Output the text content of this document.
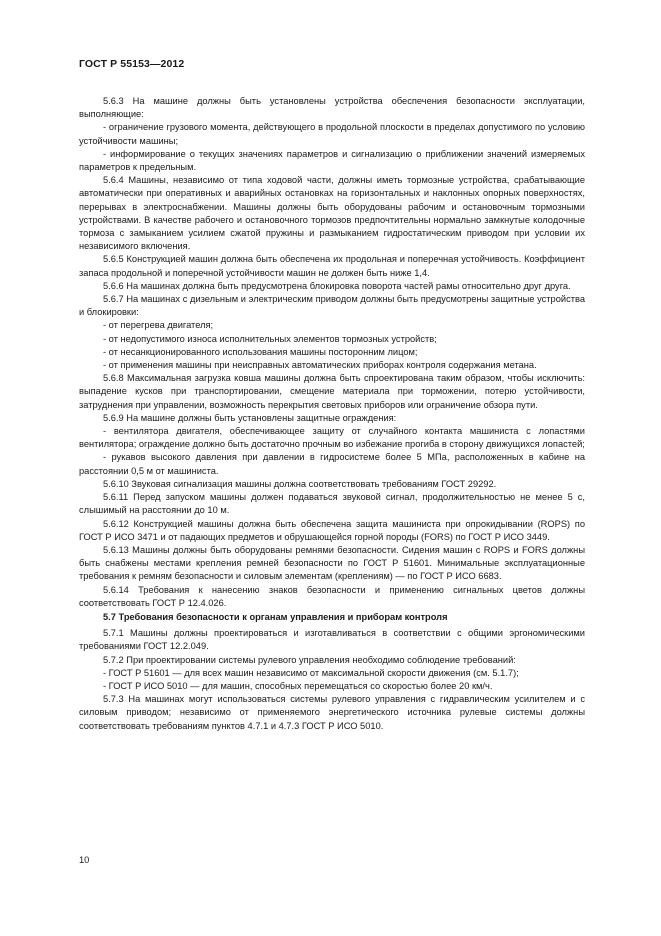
ГОСТ Р 55153—2012

5.6.3 На машине должны быть установлены устройства обеспечения безопасности эксплуатации, выполняющие:

- ограничение грузового момента, действующего в продольной плоскости в пределах допустимого по условию устойчивости машины;

- информирование о текущих значениях параметров и сигнализацию о приближении значений измеряемых параметров к предельным.

5.6.4 Машины, независимо от типа ходовой части, должны иметь тормозные устройства, срабатывающие автоматически при оперативных и аварийных остановках на горизонтальных и наклонных опорных поверхностях, перерывах в электроснабжении. Машины должны быть оборудованы рабочим и остановочным тормозными устройствами. В качестве рабочего и остановочного тормозов предпочтительны нормально замкнутые колодочные тормоза с замыканием усилием сжатой пружины и размыканием гидростатическим приводом при условии их независимого включения.

5.6.5 Конструкцией машин должна быть обеспечена их продольная и поперечная устойчивость. Коэффициент запаса продольной и поперечной устойчивости машин не должен быть ниже 1,4.

5.6.6 На машинах должна быть предусмотрена блокировка поворота частей рамы относительно друг друга.

5.6.7 На машинах с дизельным и электрическим приводом должны быть предусмотрены защитные устройства и блокировки:

- от перегрева двигателя;

- от недопустимого износа исполнительных элементов тормозных устройств;

- от несанкционированного использования машины посторонним лицом;

- от применения машины при неисправных автоматических приборах контроля содержания метана.

5.6.8 Максимальная загрузка ковша машины должна быть спроектирована таким образом, чтобы исключить: выпадение кусков при транспортировании, смещение материала при торможении, потерю устойчивости, затруднения при управлении, возможность перекрытия световых приборов или ограничение обзора пути.

5.6.9 На машине должны быть установлены защитные ограждения:

- вентилятора двигателя, обеспечивающее защиту от случайного контакта машиниста с лопастями вентилятора; ограждение должно быть достаточно прочным во избежание прогиба в сторону движущихся лопастей;

- рукавов высокого давления при давлении в гидросистеме более 5 МПа, расположенных в кабине на расстоянии 0,5 м от машиниста.

5.6.10 Звуковая сигнализация машины должна соответствовать требованиям ГОСТ 29292.

5.6.11 Перед запуском машины должен подаваться звуковой сигнал, продолжительностью не менее 5 с, слышимый на расстоянии до 10 м.

5.6.12 Конструкцией машины должна быть обеспечена защита машиниста при опрокидывании (ROPS) по ГОСТ Р ИСО 3471 и от падающих предметов и обрушающейся горной породы (FORS) по ГОСТ Р ИСО 3449.

5.6.13 Машины должны быть оборудованы ремнями безопасности. Сидения машин с ROPS и FORS должны быть снабжены местами крепления ремней безопасности по ГОСТ Р 51601. Минимальные эксплуатационные требования к ремням безопасности и силовым элементам (креплениям) — по ГОСТ Р ИСО 6683.

5.6.14 Требования к нанесению знаков безопасности и применению сигнальных цветов должны соответствовать ГОСТ Р 12.4.026.

5.7 Требования безопасности к органам управления и приборам контроля

5.7.1 Машины должны проектироваться и изготавливаться в соответствии с общими эргономическими требованиями ГОСТ 12.2.049.

5.7.2 При проектировании системы рулевого управления необходимо соблюдение требований:

- ГОСТ Р 51601 — для всех машин независимо от максимальной скорости движения (см. 5.1.7);

- ГОСТ Р ИСО 5010 — для машин, способных перемещаться со скоростью более 20 км/ч.

5.7.3 На машинах могут использоваться системы рулевого управления с гидравлическим усилителем и с силовым приводом; независимо от применяемого энергетического источника рулевые системы должны соответствовать требованиям пунктов 4.7.1 и 4.7.3 ГОСТ Р ИСО 5010.

10
